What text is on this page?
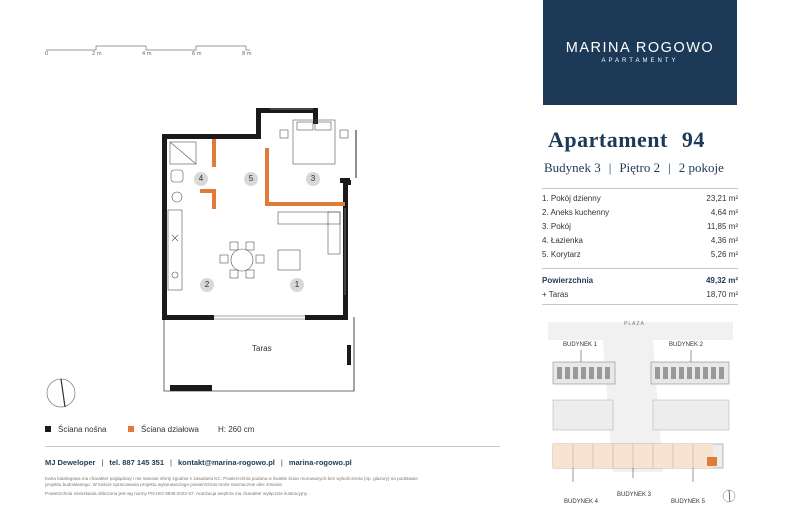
0	2 m	4 m	6 m	8 m
1
2
3
4	5
Taras
MARINA ROGOWO
APARTAMENTY
Apartament 94
Budynek 3 | Piętro 2 | 2 pokoje
1. Pokój dzienny	23,21 m²
2. Aneks kuchenny	4,64 m²
3. Pokój	11,85 m²
4. Łazienka	4,36 m²
5. Korytarz	5,26 m²
Powierzchnia	49,32 m²
+ Taras	18,70 m²
PLAZA
BUDYNEK 1	BUDYNEK 2
BUDYNEK 3
BUDYNEK 4	BUDYNEK 5
Ściana nośna	Ściana działowa H: 260 cm
MJ Deweloper | tel. 887 145 351 | kontakt@marina-rogowo.pl | marina-rogowo.pl
Karta katalogowa ma charakter poglądowy i nie stanowi oferty zgodnie z zasadami KC. Powierzchnia podana w świetle ścian murowanych bez wykończenia (np. glazury) na podstawie
projektu budowlanego. W trakcie opracowania projektu wykonawczego powierzchnia może nieznacznie ulec zmianie.
Powierzchnia mieszkania obliczona jest wg normy PN-ISO 9836:2022-07. Aranżacja wnętrza ma charakter wyłącznie ilustracyjny.
